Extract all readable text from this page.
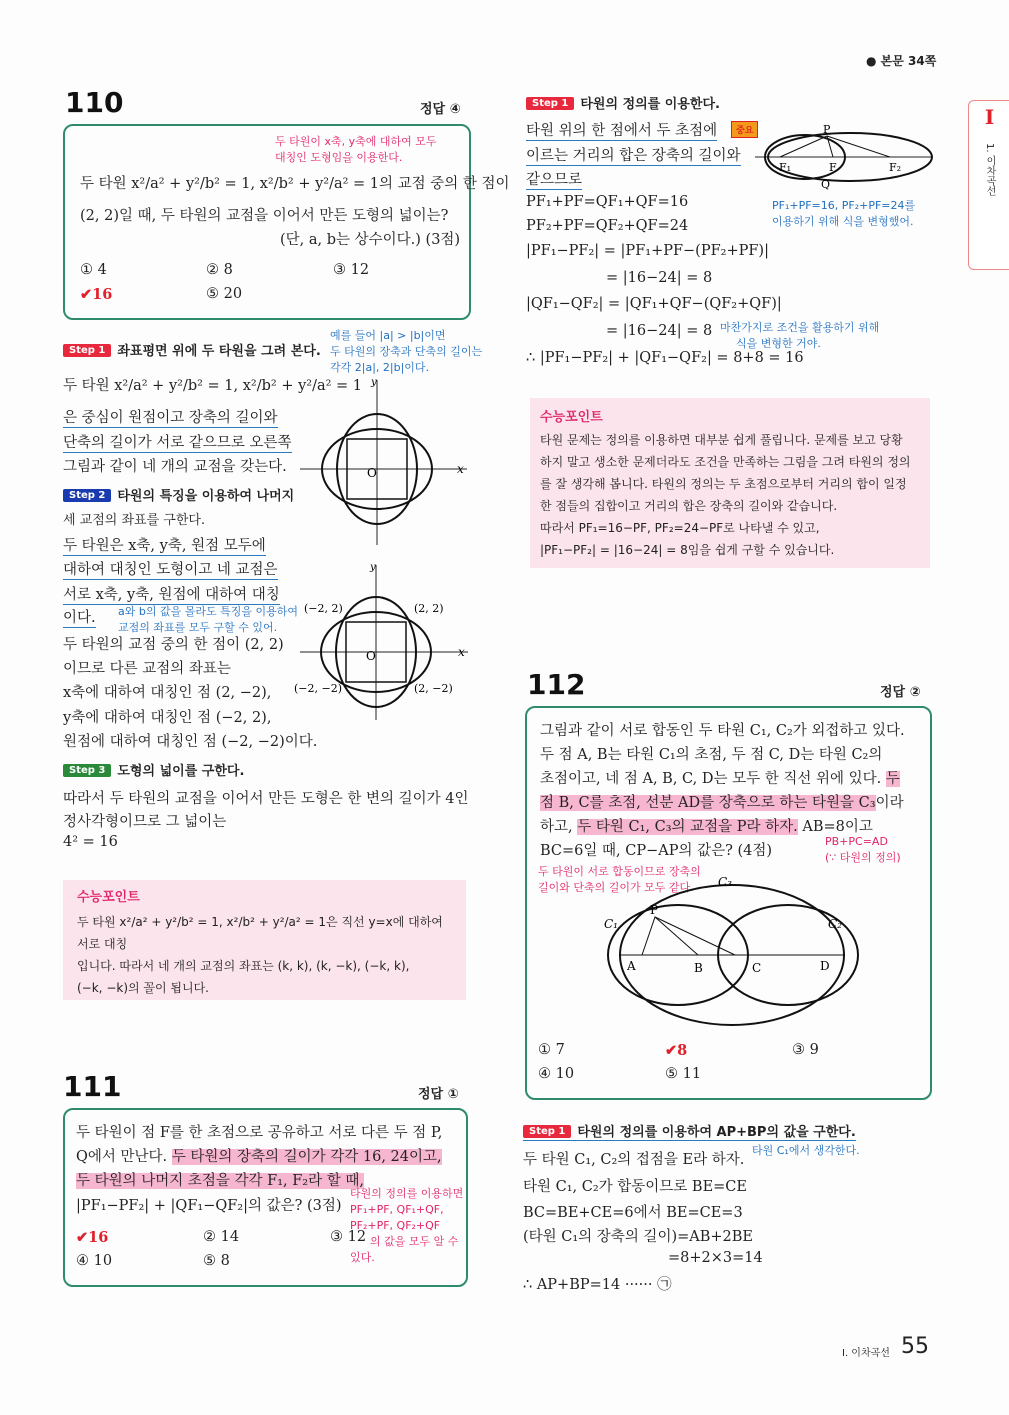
● 본문 34쪽
I
1. 이차곡선
110	정답 ④
두 타원이 x축, y축에 대하여 모두 대칭인 도형임을 이용한다.
두 타원 x²/a² + y²/b² = 1, x²/b² + y²/a² = 1의 교점 중의 한 점이
(2, 2)일 때, 두 타원의 교점을 이어서 만든 도형의 넓이는?
(단, a, b는 상수이다.) (3점)
① 4	② 8	③ 12
✔16	⑤ 20
Step 1 좌표평면 위에 두 타원을 그려 본다.
예를 들어 |a| > |b|이면
두 타원의 장축과 단축의 길이는
각각 2|a|, 2|b|이다.
두 타원 x²/a² + y²/b² = 1, x²/b² + y²/a² = 1
은 중심이 원점이고 장축의 길이와
단축의 길이가 서로 같으므로 오른쪽
그림과 같이 네 개의 교점을 갖는다.
Step 2 타원의 특징을 이용하여 나머지
세 교점의 좌표를 구한다.
두 타원은 x축, y축, 원점 모두에
대하여 대칭인 도형이고 네 교점은
서로 x축, y축, 원점에 대하여 대칭
이다. a와 b의 값을 몰라도 특징을 이용하여
교점의 좌표를 모두 구할 수 있어.
두 타원의 교점 중의 한 점이 (2, 2)
이므로 다른 교점의 좌표는
x축에 대하여 대칭인 점 (2, −2),
y축에 대하여 대칭인 점 (−2, 2),
원점에 대하여 대칭인 점 (−2, −2)이다.
O	x
y
O	x
y
(−2, 2)	(2, 2)
(−2, −2)	(2, −2)
Step 3 도형의 넓이를 구한다.
따라서 두 타원의 교점을 이어서 만든 도형은 한 변의 길이가 4인
정사각형이므로 그 넓이는
4² = 16
수능포인트
두 타원 x²/a² + y²/b² = 1, x²/b² + y²/a² = 1은 직선 y=x에 대하여 서로 대칭
입니다. 따라서 네 개의 교점의 좌표는 (k, k), (k, −k), (−k, k),
(−k, −k)의 꼴이 됩니다.
111	정답 ①
두 타원이 점 F를 한 초점으로 공유하고 서로 다른 두 점 P,
Q에서 만난다. 두 타원의 장축의 길이가 각각 16, 24이고,
두 타원의 나머지 초점을 각각 F₁, F₂라 할 때,
|PF₁−PF₂| + |QF₁−QF₂|의 값은? (3점)
타원의 정의를 이용하면
PF₁+PF, QF₁+QF,
PF₂+PF, QF₂+QF
의 값을 모두 알 수
있다.
✔16	② 14	③ 12
④ 10	⑤ 8
Step 1 타원의 정의를 이용한다.
타원 위의 한 점에서 두 초점에	중요
이르는 거리의 합은 장축의 길이와
같으므로
PF₁+PF=QF₁+QF=16
PF₂+PF=QF₂+QF=24
|PF₁−PF₂| = |PF₁+PF−(PF₂+PF)|
= |16−24| = 8
|QF₁−QF₂| = |QF₁+QF−(QF₂+QF)|
= |16−24| = 8
∴ |PF₁−PF₂| + |QF₁−QF₂| = 8+8 = 16
PF₁+PF=16, PF₂+PF=24를
이용하기 위해 식을 변형했어.
마찬가지로 조건을 활용하기 위해
식을 변형한 거야.
P
Q
F
F₁	F₂
수능포인트
타원 문제는 정의를 이용하면 대부분 쉽게 풀립니다. 문제를 보고 당황
하지 말고 생소한 문제더라도 조건을 만족하는 그림을 그려 타원의 정의
를 잘 생각해 봅니다. 타원의 정의는 두 초점으로부터 거리의 합이 일정
한 점들의 집합이고 거리의 합은 장축의 길이와 같습니다.
따라서 PF₁=16−PF, PF₂=24−PF로 나타낼 수 있고,
|PF₁−PF₂| = |16−24| = 8임을 쉽게 구할 수 있습니다.
112	정답 ②
그림과 같이 서로 합동인 두 타원 C₁, C₂가 외접하고 있다.
두 점 A, B는 타원 C₁의 초점, 두 점 C, D는 타원 C₂의
초점이고, 네 점 A, B, C, D는 모두 한 직선 위에 있다. 두
점 B, C를 초점, 선분 AD를 장축으로 하는 타원을 C₃이라
하고, 두 타원 C₁, C₃의 교점을 P라 하자. AB=8이고
BC=6일 때, CP−AP의 값은? (4점)
PB+PC=AD
(∵ 타원의 정의)
두 타원이 서로 합동이므로 장축의
길이와 단축의 길이가 모두 같다.	C₃
C₁	C₂
P
A	B	C	D
① 7	✔8	③ 9
④ 10	⑤ 11
Step 1 타원의 정의를 이용하여 AP+BP의 값을 구한다.
타원 C₁에서 생각한다.
두 타원 C₁, C₂의 접점을 E라 하자.
타원 C₁, C₂가 합동이므로 BE=CE
BC=BE+CE=6에서 BE=CE=3
(타원 C₁의 장축의 길이)=AB+2BE
=8+2×3=14
∴ AP+BP=14 ······ ㉠
Ⅰ. 이차곡선 55
